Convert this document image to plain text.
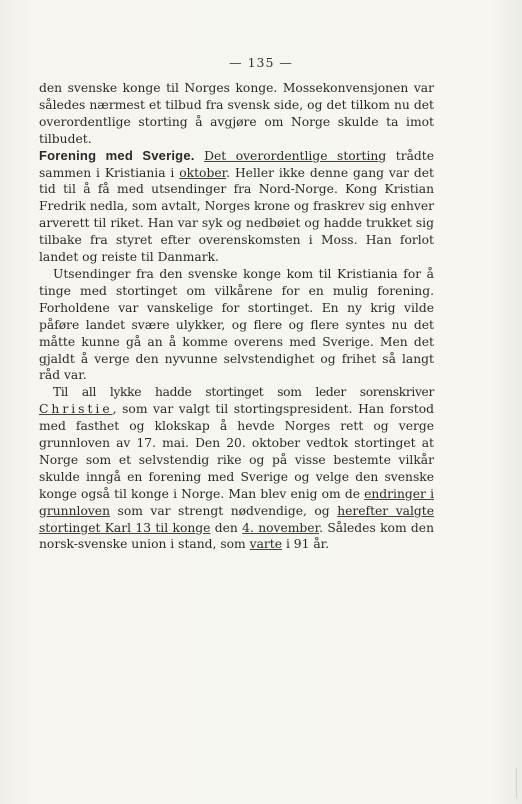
— 135 —

den svenske konge til Norges konge. Mossekonvensjonen var således nærmest et tilbud fra svensk side, og det tilkom nu det overordentlige storting å avgjøre om Norge skulde ta imot tilbudet.

Forening med Sverige. Det overordentlige storting trådte sammen i Kristiania i oktober. Heller ikke denne gang var det tid til å få med utsendinger fra Nord-Norge. Kong Kristian Fredrik nedla, som avtalt, Norges krone og fraskrev sig enhver arverett til riket. Han var syk og nedbøiet og hadde trukket sig tilbake fra styret efter overenskomsten i Moss. Han forlot landet og reiste til Danmark.

Utsendinger fra den svenske konge kom til Kristiania for å tinge med stortinget om vilkårene for en mulig forening. Forholdene var vanskelige for stortinget. En ny krig vilde påføre landet svære ulykker, og flere og flere syntes nu det måtte kunne gå an å komme overens med Sverige. Men det gjaldt å verge den nyvunne selvstendighet og frihet så langt råd var.

Til all lykke hadde stortinget som leder sorenskriver Christie, som var valgt til stortingspresident. Han forstod med fasthet og klokskap å hevde Norges rett og verge grunnloven av 17. mai. Den 20. oktober vedtok stortinget at Norge som et selvstendig rike og på visse bestemte vilkår skulde inngå en forening med Sverige og velge den svenske konge også til konge i Norge. Man blev enig om de endringer i grunnloven som var strengt nødvendige, og herefter valgte stortinget Karl 13 til konge den 4. november. Således kom den norsk-svenske union i stand, som varte i 91 år.
